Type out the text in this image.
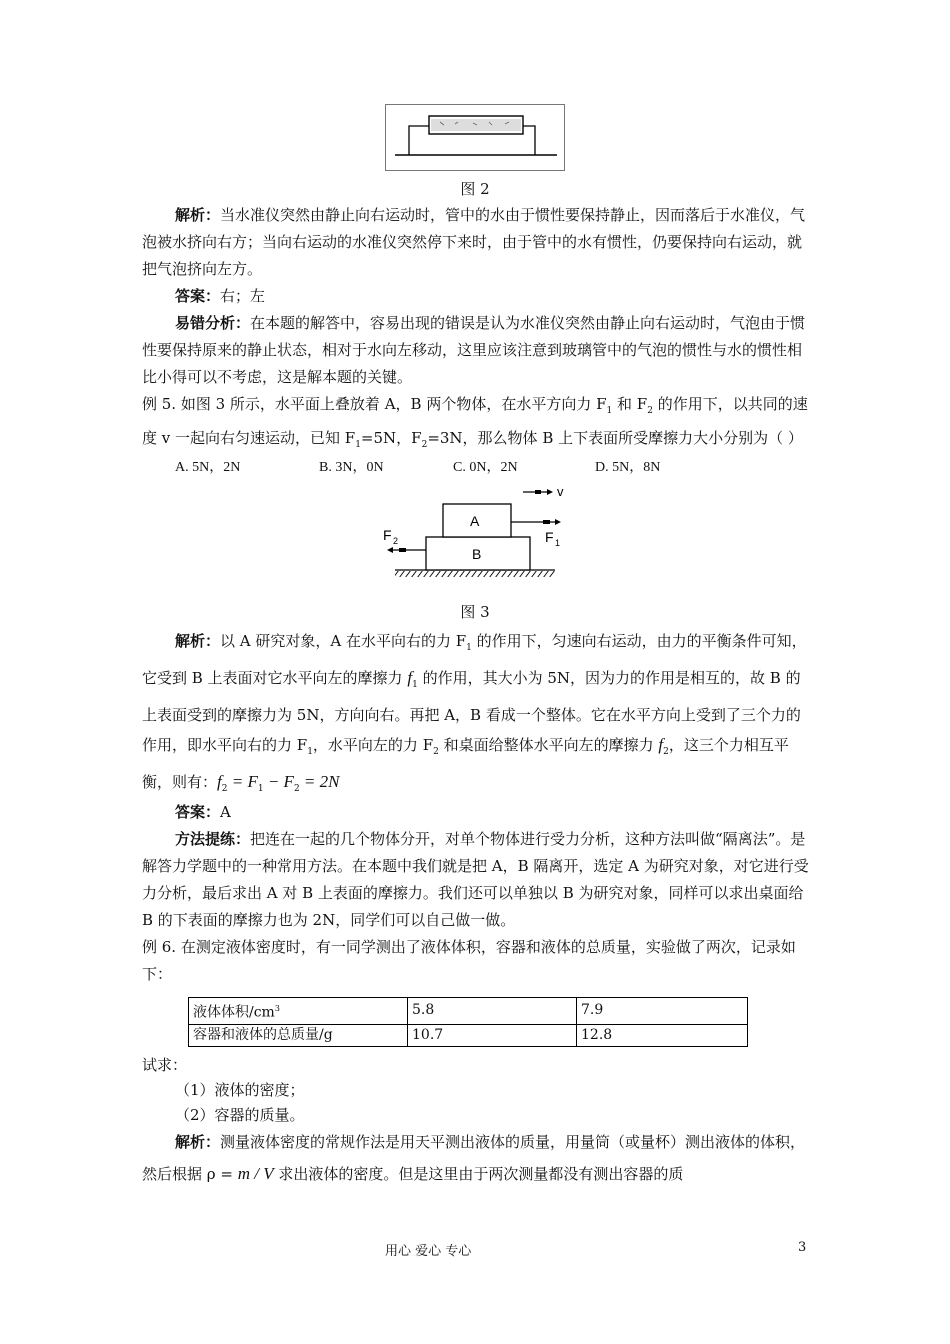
图 2

解析：当水准仪突然由静止向右运动时，管中的水由于惯性要保持静止，因而落后于水准仪，气泡被水挤向右方；当向右运动的水准仪突然停下来时，由于管中的水有惯性，仍要保持向右运动，就把气泡挤向左方。

答案：右；左

易错分析：在本题的解答中，容易出现的错误是认为水准仪突然由静止向右运动时，气泡由于惯性要保持原来的静止状态，相对于水向左移动，这里应该注意到玻璃管中的气泡的惯性与水的惯性相比小得可以不考虑，这是解本题的关键。

例 5. 如图 3 所示，水平面上叠放着 A，B 两个物体，在水平方向力 $F_1$ 和 $F_2$ 的作用下，以共同的速度 v 一起向右匀速运动，已知 $F_1=5N$，$F_2=3N$，那么物体 B 上下表面所受摩擦力大小分别为（ ）

A. 5N，2N	B. 3N，0N	C. 0N，2N	D. 5N，8N
B
A
v
F 1
F 2
图 3

解析：以 A 研究对象，A 在水平向右的力 $F_1$ 的作用下，匀速向右运动，由力的平衡条件可知，它受到 B 上表面对它水平向左的摩擦力 $f_1$ 的作用，其大小为 5N，因为力的作用是相互的，故 B 的上表面受到的摩擦力为 5N，方向向右。再把 A，B 看成一个整体。它在水平方向上受到了三个力的作用，即水平向右的力 $F_1$，水平向左的力 $F_2$ 和桌面给整体水平向左的摩擦力 $f_2$，这三个力相互平衡，则有：$f_2 = F_1 - F_2 = 2N$

答案：A

方法提练：把连在一起的几个物体分开，对单个物体进行受力分析，这种方法叫做“隔离法”。是解答力学题中的一种常用方法。在本题中我们就是把 A，B 隔离开，选定 A 为研究对象，对它进行受力分析，最后求出 A 对 B 上表面的摩擦力。我们还可以单独以 B 为研究对象，同样可以求出桌面给 B 的下表面的摩擦力也为 2N，同学们可以自己做一做。

例 6. 在测定液体密度时，有一同学测出了液体体积，容器和液体的总质量，实验做了两次，记录如下：

液体体积$/cm^3$	5.8	7.9
容器和液体的总质量/g	10.7	12.8

试求：

（1）液体的密度；

（2）容器的质量。

解析：测量液体密度的常规作法是用天平测出液体的质量，用量筒（或量杯）测出液体的体积，然后根据 ρ = m / V 求出液体的密度。但是这里由于两次测量都没有测出容器的质

用心 爱心 专心	3
